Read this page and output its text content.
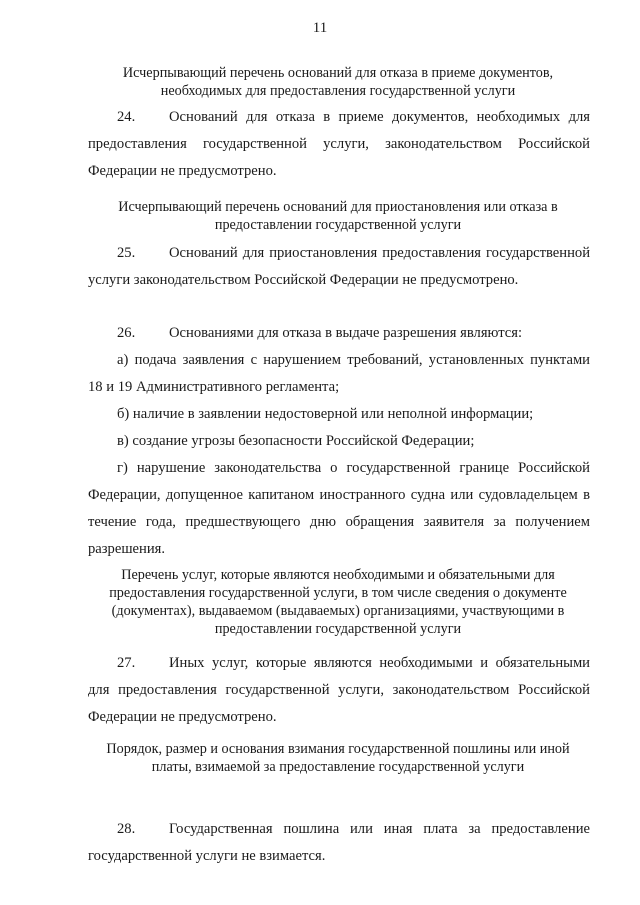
11

Исчерпывающий перечень оснований для отказа в приеме документов, необходимых для предоставления государственной услуги

24. Оснований для отказа в приеме документов, необходимых для предоставления государственной услуги, законодательством Российской Федерации не предусмотрено.

Исчерпывающий перечень оснований для приостановления или отказа в предоставлении государственной услуги

25. Оснований для приостановления предоставления государственной услуги законодательством Российской Федерации не предусмотрено.

26. Основаниями для отказа в выдаче разрешения являются:

а) подача заявления с нарушением требований, установленных пунктами 18 и 19 Административного регламента;

б) наличие в заявлении недостоверной или неполной информации;

в) создание угрозы безопасности Российской Федерации;

г) нарушение законодательства о государственной границе Российской Федерации, допущенное капитаном иностранного судна или судовладельцем в течение года, предшествующего дню обращения заявителя за получением разрешения.

Перечень услуг, которые являются необходимыми и обязательными для предоставления государственной услуги, в том числе сведения о документе (документах), выдаваемом (выдаваемых) организациями, участвующими в предоставлении государственной услуги

27. Иных услуг, которые являются необходимыми и обязательными для предоставления государственной услуги, законодательством Российской Федерации не предусмотрено.

Порядок, размер и основания взимания государственной пошлины или иной платы, взимаемой за предоставление государственной услуги

28. Государственная пошлина или иная плата за предоставление государственной услуги не взимается.
